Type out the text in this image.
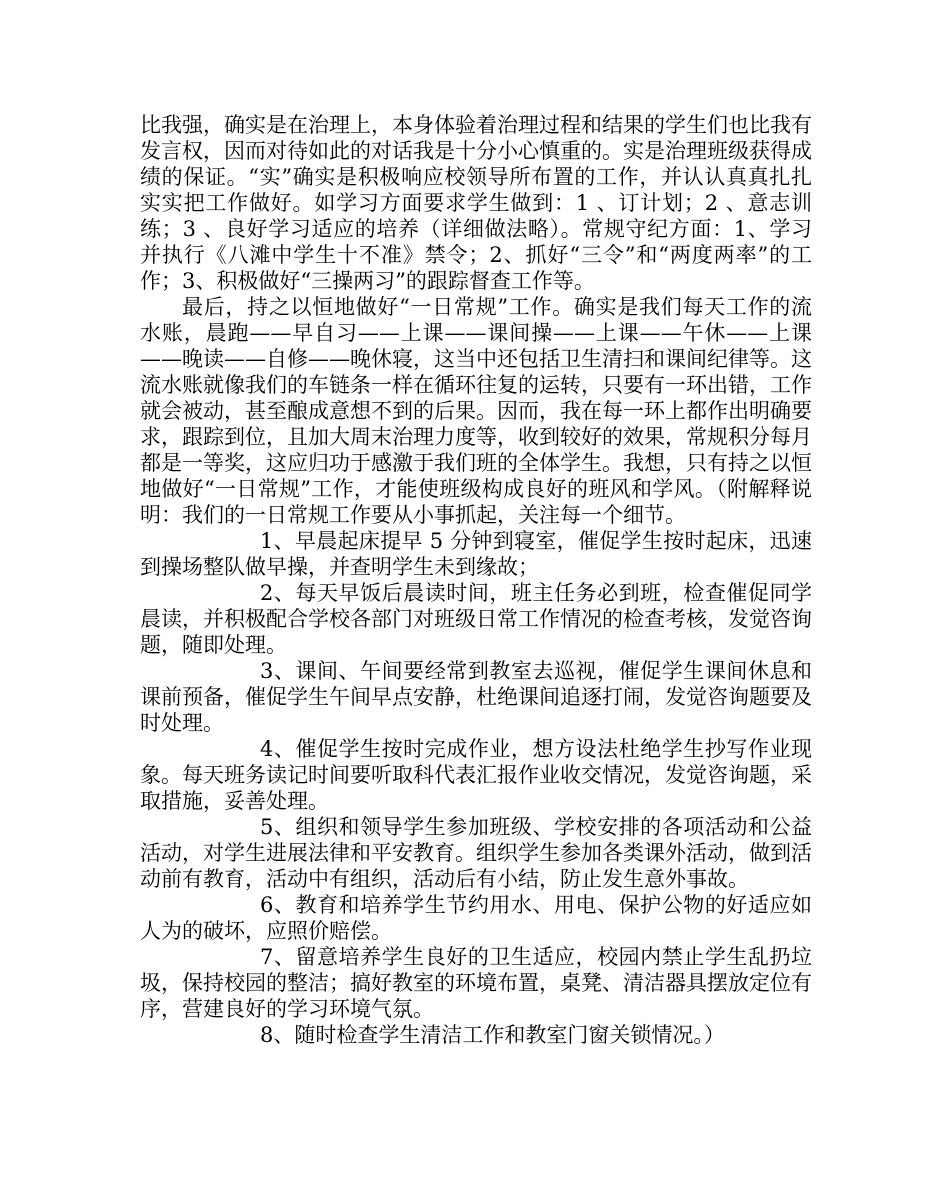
比我强，确实是在治理上，本身体验着治理过程和结果的学生们也比我有发言权，因而对待如此的对话我是十分小心慎重的。实是治理班级获得成绩的保证。“实”确实是积极响应校领导所布置的工作，并认认真真扎扎实实把工作做好。如学习方面要求学生做到：1 、订计划；2 、意志训练；3 、良好学习适应的培养（详细做法略）。常规守纪方面：1、学习并执行《八滩中学生十不准》禁令；2、抓好“三令”和“两度两率”的工作；3、积极做好“三操两习”的跟踪督查工作等。

最后，持之以恒地做好“一日常规”工作。确实是我们每天工作的流水账，晨跑——早自习——上课——课间操——上课——午休——上课——晚读——自修——晚休寝，这当中还包括卫生清扫和课间纪律等。这流水账就像我们的车链条一样在循环往复的运转，只要有一环出错，工作就会被动，甚至酿成意想不到的后果。因而，我在每一环上都作出明确要求，跟踪到位，且加大周末治理力度等，收到较好的效果，常规积分每月都是一等奖，这应归功于感激于我们班的全体学生。我想，只有持之以恒地做好“一日常规”工作，才能使班级构成良好的班风和学风。（附解释说明：我们的一日常规工作要从小事抓起，关注每一个细节。

1、早晨起床提早 5 分钟到寝室，催促学生按时起床，迅速到操场整队做早操，并查明学生未到缘故；

2、每天早饭后晨读时间，班主任务必到班，检查催促同学晨读，并积极配合学校各部门对班级日常工作情况的检查考核，发觉咨询题，随即处理。

3、课间、午间要经常到教室去巡视，催促学生课间休息和课前预备，催促学生午间早点安静，杜绝课间追逐打闹，发觉咨询题要及时处理。

4、催促学生按时完成作业，想方设法杜绝学生抄写作业现象。每天班务读记时间要听取科代表汇报作业收交情况，发觉咨询题，采取措施，妥善处理。

5、组织和领导学生参加班级、学校安排的各项活动和公益活动，对学生进展法律和平安教育。组织学生参加各类课外活动，做到活动前有教育，活动中有组织，活动后有小结，防止发生意外事故。

6、教育和培养学生节约用水、用电、保护公物的好适应如人为的破坏，应照价赔偿。

7、留意培养学生良好的卫生适应，校园内禁止学生乱扔垃圾，保持校园的整洁；搞好教室的环境布置，桌凳、清洁器具摆放定位有序，营建良好的学习环境气氛。

8、随时检查学生清洁工作和教室门窗关锁情况。）
